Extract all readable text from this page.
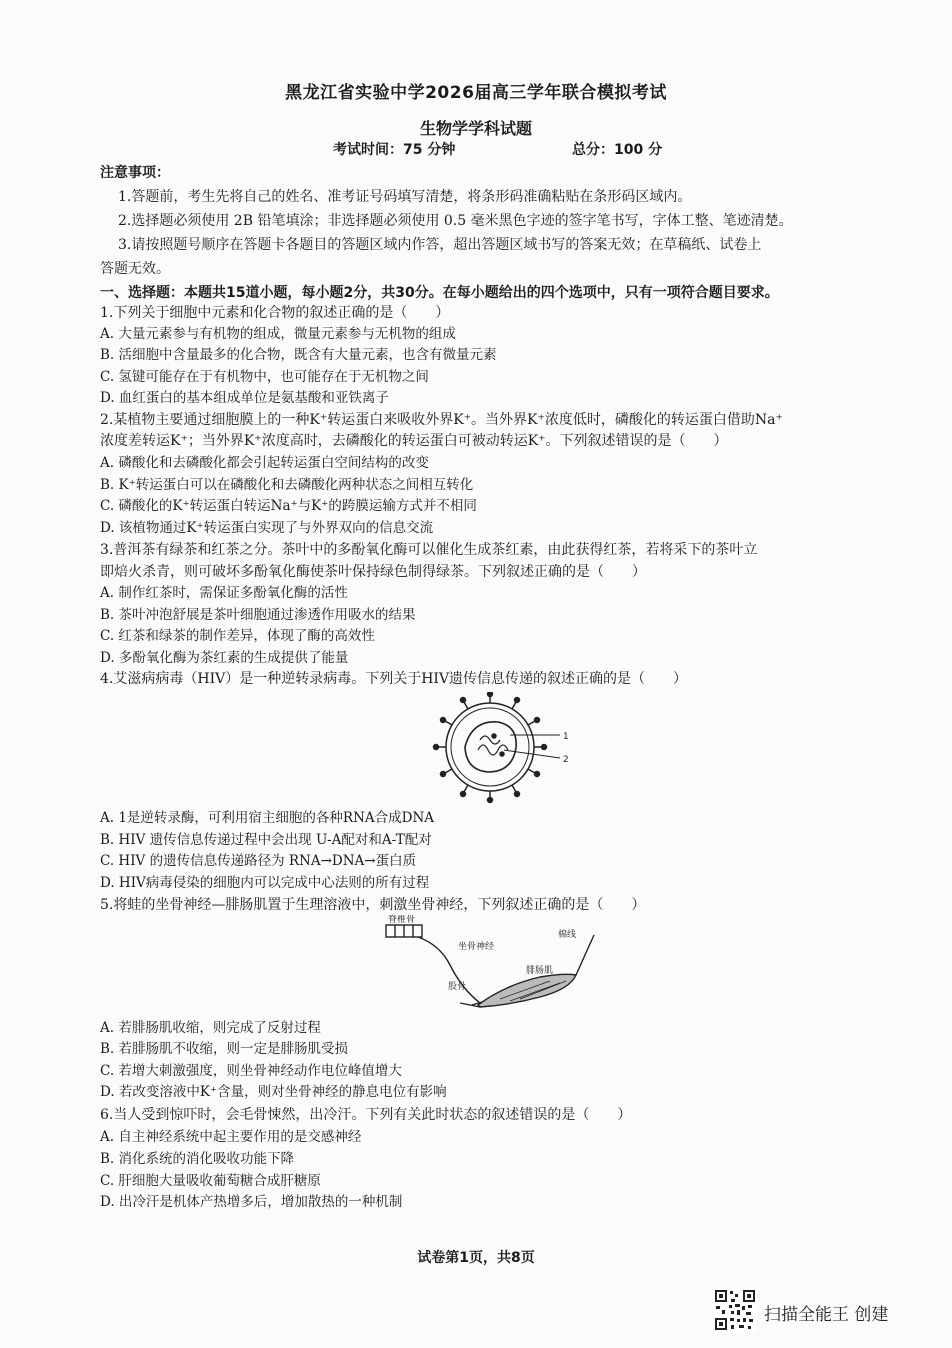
黑龙江省实验中学2026届高三学年联合模拟考试
生物学学科试题
考试时间：75 分钟	总分：100 分
注意事项：
1.答题前，考生先将自己的姓名、准考证号码填写清楚，将条形码准确粘贴在条形码区域内。
2.选择题必须使用 2B 铅笔填涂；非选择题必须使用 0.5 毫米黑色字迹的签字笔书写，字体工整、笔迹清楚。
3.请按照题号顺序在答题卡各题目的答题区域内作答，超出答题区域书写的答案无效；在草稿纸、试卷上
答题无效。
一、选择题：本题共15道小题，每小题2分，共30分。在每小题给出的四个选项中，只有一项符合题目要求。
1.下列关于细胞中元素和化合物的叙述正确的是（　　）
A. 大量元素参与有机物的组成，微量元素参与无机物的组成
B. 活细胞中含量最多的化合物，既含有大量元素，也含有微量元素
C. 氢键可能存在于有机物中，也可能存在于无机物之间
D. 血红蛋白的基本组成单位是氨基酸和亚铁离子
2.某植物主要通过细胞膜上的一种K⁺转运蛋白来吸收外界K⁺。当外界K⁺浓度低时，磷酸化的转运蛋白借助Na⁺
浓度差转运K⁺；当外界K⁺浓度高时，去磷酸化的转运蛋白可被动转运K⁺。下列叙述错误的是（　　）
A. 磷酸化和去磷酸化都会引起转运蛋白空间结构的改变
B. K⁺转运蛋白可以在磷酸化和去磷酸化两种状态之间相互转化
C. 磷酸化的K⁺转运蛋白转运Na⁺与K⁺的跨膜运输方式并不相同
D. 该植物通过K⁺转运蛋白实现了与外界双向的信息交流
3.普洱茶有绿茶和红茶之分。茶叶中的多酚氧化酶可以催化生成茶红素，由此获得红茶，若将采下的茶叶立
即焙火杀青，则可破坏多酚氧化酶使茶叶保持绿色制得绿茶。下列叙述正确的是（　　）
A. 制作红茶时，需保证多酚氧化酶的活性
B. 茶叶冲泡舒展是茶叶细胞通过渗透作用吸水的结果
C. 红茶和绿茶的制作差异，体现了酶的高效性
D. 多酚氧化酶为茶红素的生成提供了能量
4.艾滋病病毒（HIV）是一种逆转录病毒。下列关于HIV遗传信息传递的叙述正确的是（　　）
1
2
A. 1是逆转录酶，可利用宿主细胞的各种RNA合成DNA
B. HIV 遗传信息传递过程中会出现 U-A配对和A-T配对
C. HIV 的遗传信息传递路径为 RNA→DNA→蛋白质
D. HIV病毒侵染的细胞内可以完成中心法则的所有过程
5.将蛙的坐骨神经—腓肠肌置于生理溶液中，刺激坐骨神经，下列叙述正确的是（　　）
脊椎骨
坐骨神经
棉线
腓肠肌
股骨
A. 若腓肠肌收缩，则完成了反射过程
B. 若腓肠肌不收缩，则一定是腓肠肌受损
C. 若增大刺激强度，则坐骨神经动作电位峰值增大
D. 若改变溶液中K⁺含量，则对坐骨神经的静息电位有影响
6.当人受到惊吓时，会毛骨悚然，出冷汗。下列有关此时状态的叙述错误的是（　　）
A. 自主神经系统中起主要作用的是交感神经
B. 消化系统的消化吸收功能下降
C. 肝细胞大量吸收葡萄糖合成肝糖原
D. 出冷汗是机体产热增多后，增加散热的一种机制
试卷第1页，共8页
扫描全能王 创建
